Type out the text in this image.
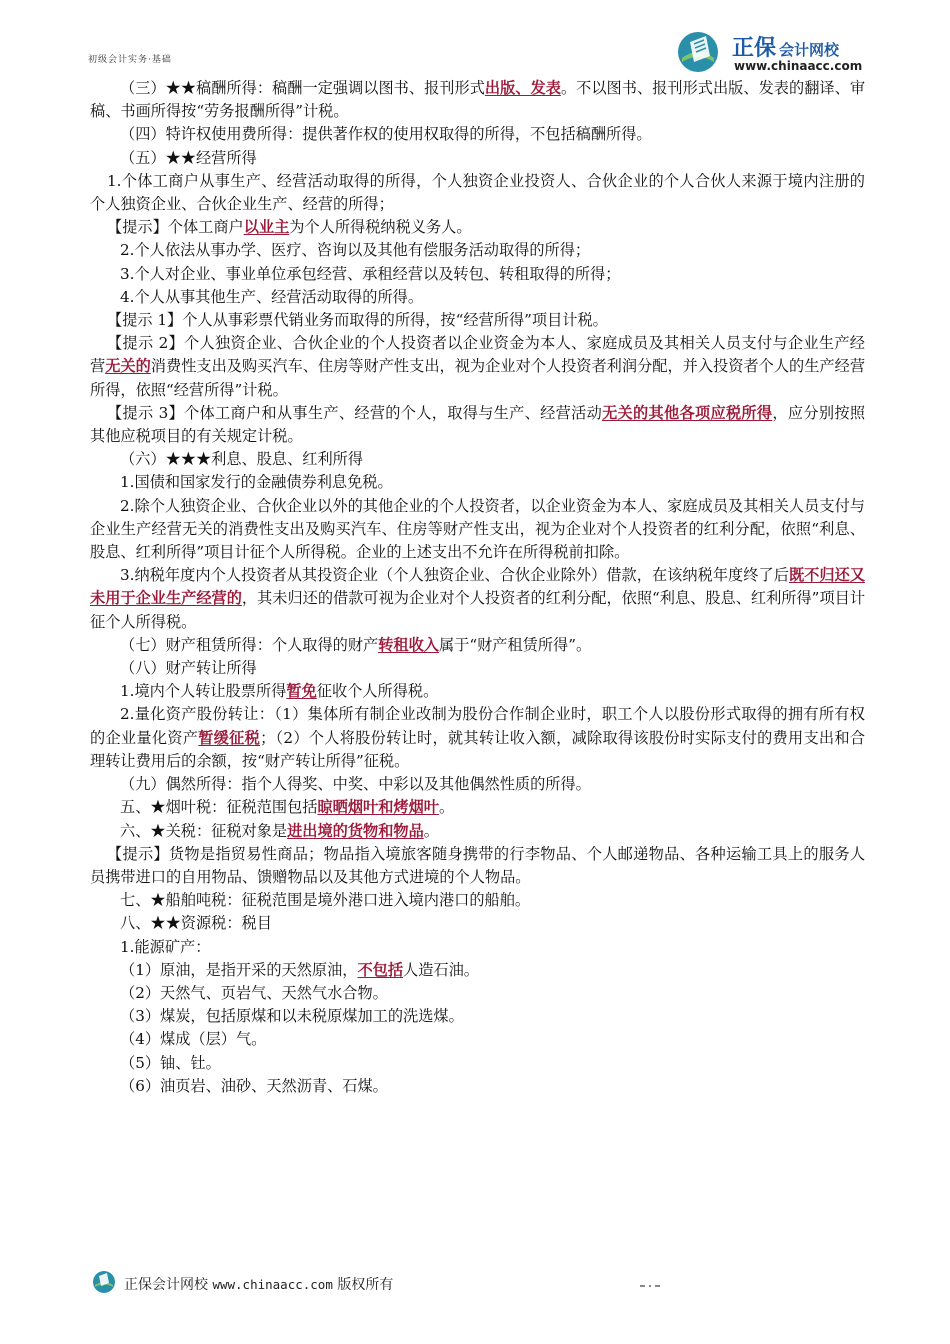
初级会计实务·基础	正保 会计网校
www.chinaacc.com

（三）★★稿酬所得：稿酬一定强调以图书、报刊形式出版、发表。不以图书、报刊形式出版、发表的翻译、审稿、书画所得按“劳务报酬所得”计税。

（四）特许权使用费所得：提供著作权的使用权取得的所得，不包括稿酬所得。

（五）★★经营所得

1.个体工商户从事生产、经营活动取得的所得，个人独资企业投资人、合伙企业的个人合伙人来源于境内注册的个人独资企业、合伙企业生产、经营的所得；

【提示】个体工商户以业主为个人所得税纳税义务人。

2.个人依法从事办学、医疗、咨询以及其他有偿服务活动取得的所得；

3.个人对企业、事业单位承包经营、承租经营以及转包、转租取得的所得；

4.个人从事其他生产、经营活动取得的所得。

【提示 1】个人从事彩票代销业务而取得的所得，按“经营所得”项目计税。

【提示 2】个人独资企业、合伙企业的个人投资者以企业资金为本人、家庭成员及其相关人员支付与企业生产经营无关的消费性支出及购买汽车、住房等财产性支出，视为企业对个人投资者利润分配，并入投资者个人的生产经营所得，依照“经营所得”计税。

【提示 3】个体工商户和从事生产、经营的个人，取得与生产、经营活动无关的其他各项应税所得，应分别按照其他应税项目的有关规定计税。

（六）★★★利息、股息、红利所得

1.国债和国家发行的金融债券利息免税。

2.除个人独资企业、合伙企业以外的其他企业的个人投资者，以企业资金为本人、家庭成员及其相关人员支付与企业生产经营无关的消费性支出及购买汽车、住房等财产性支出，视为企业对个人投资者的红利分配，依照“利息、股息、红利所得”项目计征个人所得税。企业的上述支出不允许在所得税前扣除。

3.纳税年度内个人投资者从其投资企业（个人独资企业、合伙企业除外）借款，在该纳税年度终了后既不归还又未用于企业生产经营的，其未归还的借款可视为企业对个人投资者的红利分配，依照“利息、股息、红利所得”项目计征个人所得税。

（七）财产租赁所得：个人取得的财产转租收入属于“财产租赁所得”。

（八）财产转让所得

1.境内个人转让股票所得暂免征收个人所得税。

2.量化资产股份转让：（1）集体所有制企业改制为股份合作制企业时，职工个人以股份形式取得的拥有所有权的企业量化资产暂缓征税；（2）个人将股份转让时，就其转让收入额，减除取得该股份时实际支付的费用支出和合理转让费用后的余额，按“财产转让所得”征税。

（九）偶然所得：指个人得奖、中奖、中彩以及其他偶然性质的所得。

五、★烟叶税：征税范围包括晾晒烟叶和烤烟叶。

六、★关税：征税对象是进出境的货物和物品。

【提示】货物是指贸易性商品；物品指入境旅客随身携带的行李物品、个人邮递物品、各种运输工具上的服务人员携带进口的自用物品、馈赠物品以及其他方式进境的个人物品。

七、★船舶吨税：征税范围是境外港口进入境内港口的船舶。

八、★★资源税：税目

1.能源矿产：

（1）原油，是指开采的天然原油，不包括人造石油。

（2）天然气、页岩气、天然气水合物。

（3）煤炭，包括原煤和以未税原煤加工的洗选煤。

（4）煤成（层）气。

（5）铀、钍。

（6）油页岩、油砂、天然沥青、石煤。

正保会计网校 www.chinaacc.com 版权所有
